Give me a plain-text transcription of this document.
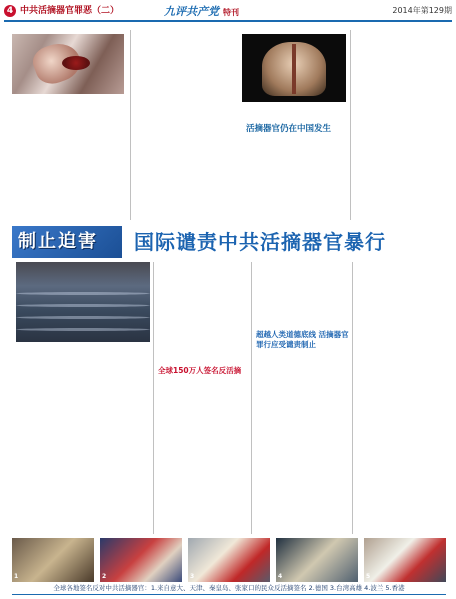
4 中共活摘器官罪恶（二）	九评共产党 特刊	2014年第129期

活摘器官仍在中国发生

制止迫害 国际谴责中共活摘器官暴行

全球150万人签名反活摘

超越人类道德底线 活摘器官罪行应受谴责制止

1	2	3	4	5
全球各地签名反对中共活摘器官：1.来自意大、天津、秦皇岛、张家口的民众反活摘签名 2.德国 3.台湾高雄 4.波兰 5.香港
